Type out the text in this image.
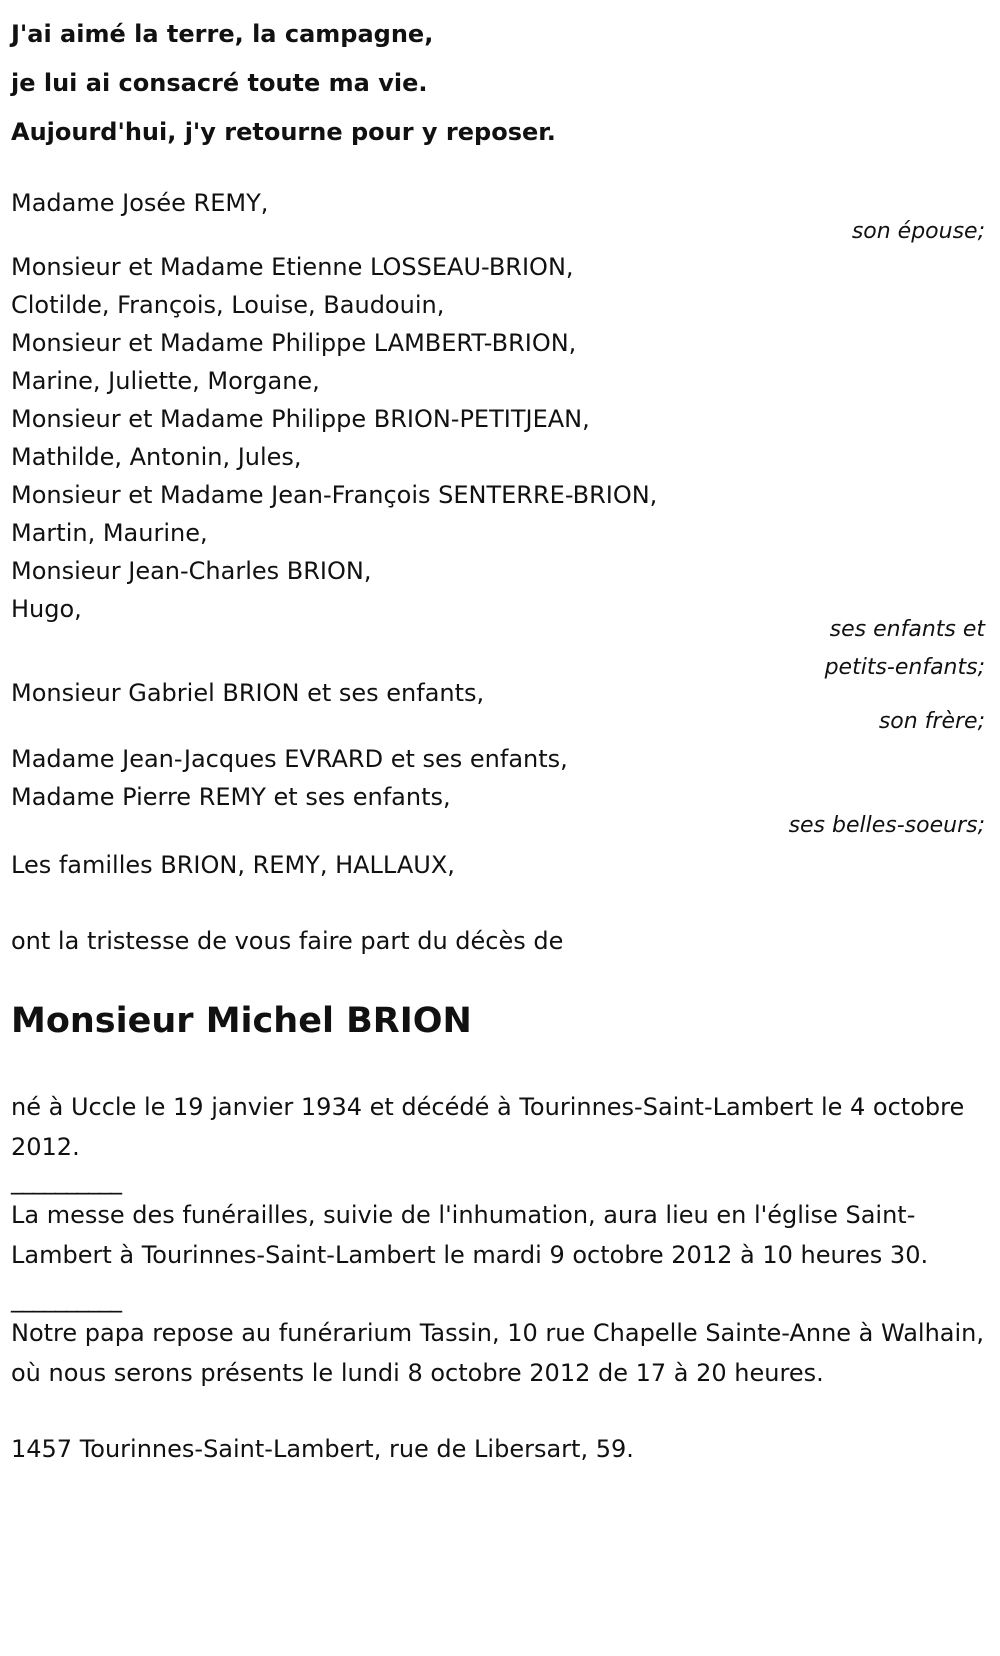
J'ai aimé la terre, la campagne,

je lui ai consacré toute ma vie.

Aujourd'hui, j'y retourne pour y reposer.

Madame Josée REMY,
son épouse;
Monsieur et Madame Etienne LOSSEAU-BRION,
Clotilde, François, Louise, Baudouin,
Monsieur et Madame Philippe LAMBERT-BRION,
Marine, Juliette, Morgane,
Monsieur et Madame Philippe BRION-PETITJEAN,
Mathilde, Antonin, Jules,
Monsieur et Madame Jean-François SENTERRE-BRION,
Martin, Maurine,
Monsieur Jean-Charles BRION,
Hugo,
ses enfants et
petits-enfants;
Monsieur Gabriel BRION et ses enfants,
son frère;
Madame Jean-Jacques EVRARD et ses enfants,
Madame Pierre REMY et ses enfants,
ses belles-soeurs;
Les familles BRION, REMY, HALLAUX,
ont la tristesse de vous faire part du décès de
Monsieur Michel BRION

né à Uccle le 19 janvier 1934 et décédé à Tourinnes-Saint-Lambert le 4 octobre 2012.

__________

La messe des funérailles, suivie de l'inhumation, aura lieu en l'église Saint-Lambert à Tourinnes-Saint-Lambert le mardi 9 octobre 2012 à 10 heures 30.

__________

Notre papa repose au funérarium Tassin, 10 rue Chapelle Sainte-Anne à Walhain, où nous serons présents le lundi 8 octobre 2012 de 17 à 20 heures.

1457 Tourinnes-Saint-Lambert, rue de Libersart, 59.
